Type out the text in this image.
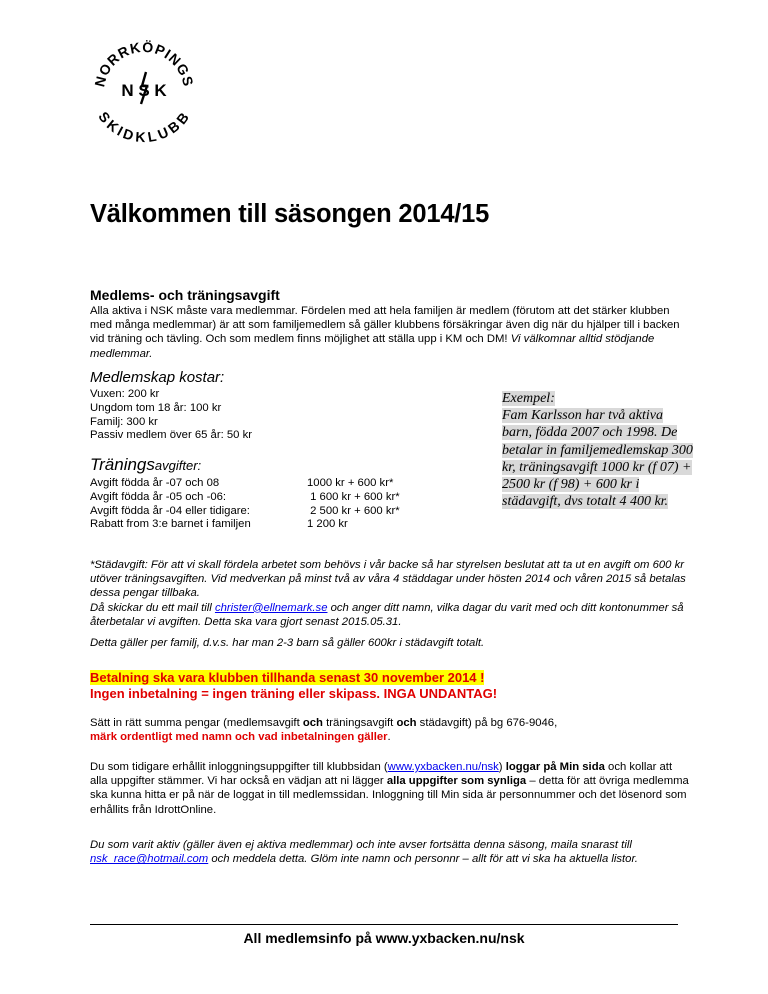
NORRKÖPINGS
SKIDKLUBB
N S K
Välkommen till säsongen 2014/15
Medlems- och träningsavgift
Alla aktiva i NSK måste vara medlemmar. Fördelen med att hela familjen är medlem (förutom att det stärker klubben med många medlemmar) är att som familjemedlem så gäller klubbens försäkringar även dig när du hjälper till i backen vid träning och tävling. Och som medlem finns möjlighet att ställa upp i KM och DM! Vi välkomnar alltid stödjande medlemmar.
Medlemskap kostar:
Vuxen: 200 kr
Ungdom tom 18 år: 100 kr
Familj: 300 kr
Passiv medlem över 65 år: 50 kr
Träningsavgifter:
Avgift födda år -07 och 08
Avgift födda år -05 och -06:
Avgift födda år -04 eller tidigare:
Rabatt from 3:e barnet i familjen
1000 kr + 600 kr*
1 600 kr + 600 kr*
2 500 kr + 600 kr*
1 200 kr
Exempel:
Fam Karlsson har två aktiva
barn, födda 2007 och 1998. De
betalar in familjemedlemskap 300
kr, träningsavgift 1000 kr (f 07) +
2500 kr (f 98) + 600 kr i
städavgift, dvs totalt 4 400 kr.
*Städavgift: För att vi skall fördela arbetet som behövs i vår backe så har styrelsen beslutat att ta ut en avgift om 600 kr utöver träningsavgiften. Vid medverkan på minst två av våra 4 städdagar under hösten 2014 och våren 2015 så betalas dessa pengar tillbaka.
Då skickar du ett mail till christer@ellnemark.se och anger ditt namn, vilka dagar du varit med och ditt kontonummer så återbetalar vi avgiften. Detta ska vara gjort senast 2015.05.31.
Detta gäller per familj, d.v.s. har man 2-3 barn så gäller 600kr i städavgift totalt.
Betalning ska vara klubben tillhanda senast 30 november 2014 !
Ingen inbetalning = ingen träning eller skipass. INGA UNDANTAG!
Sätt in rätt summa pengar (medlemsavgift och träningsavgift och städavgift) på bg 676-9046,
märk ordentligt med namn och vad inbetalningen gäller.
Du som tidigare erhållit inloggningsuppgifter till klubbsidan (www.yxbacken.nu/nsk) loggar på Min sida och kollar att alla uppgifter stämmer. Vi har också en vädjan att ni lägger alla uppgifter som synliga – detta för att övriga medlemma ska kunna hitta er på när de loggat in till medlemssidan. Inloggning till Min sida är personnummer och det lösenord som erhållits från IdrottOnline.
Du som varit aktiv (gäller även ej aktiva medlemmar) och inte avser fortsätta denna säsong, maila snarast till nsk_race@hotmail.com och meddela detta. Glöm inte namn och personnr – allt för att vi ska ha aktuella listor.
All medlemsinfo på www.yxbacken.nu/nsk
